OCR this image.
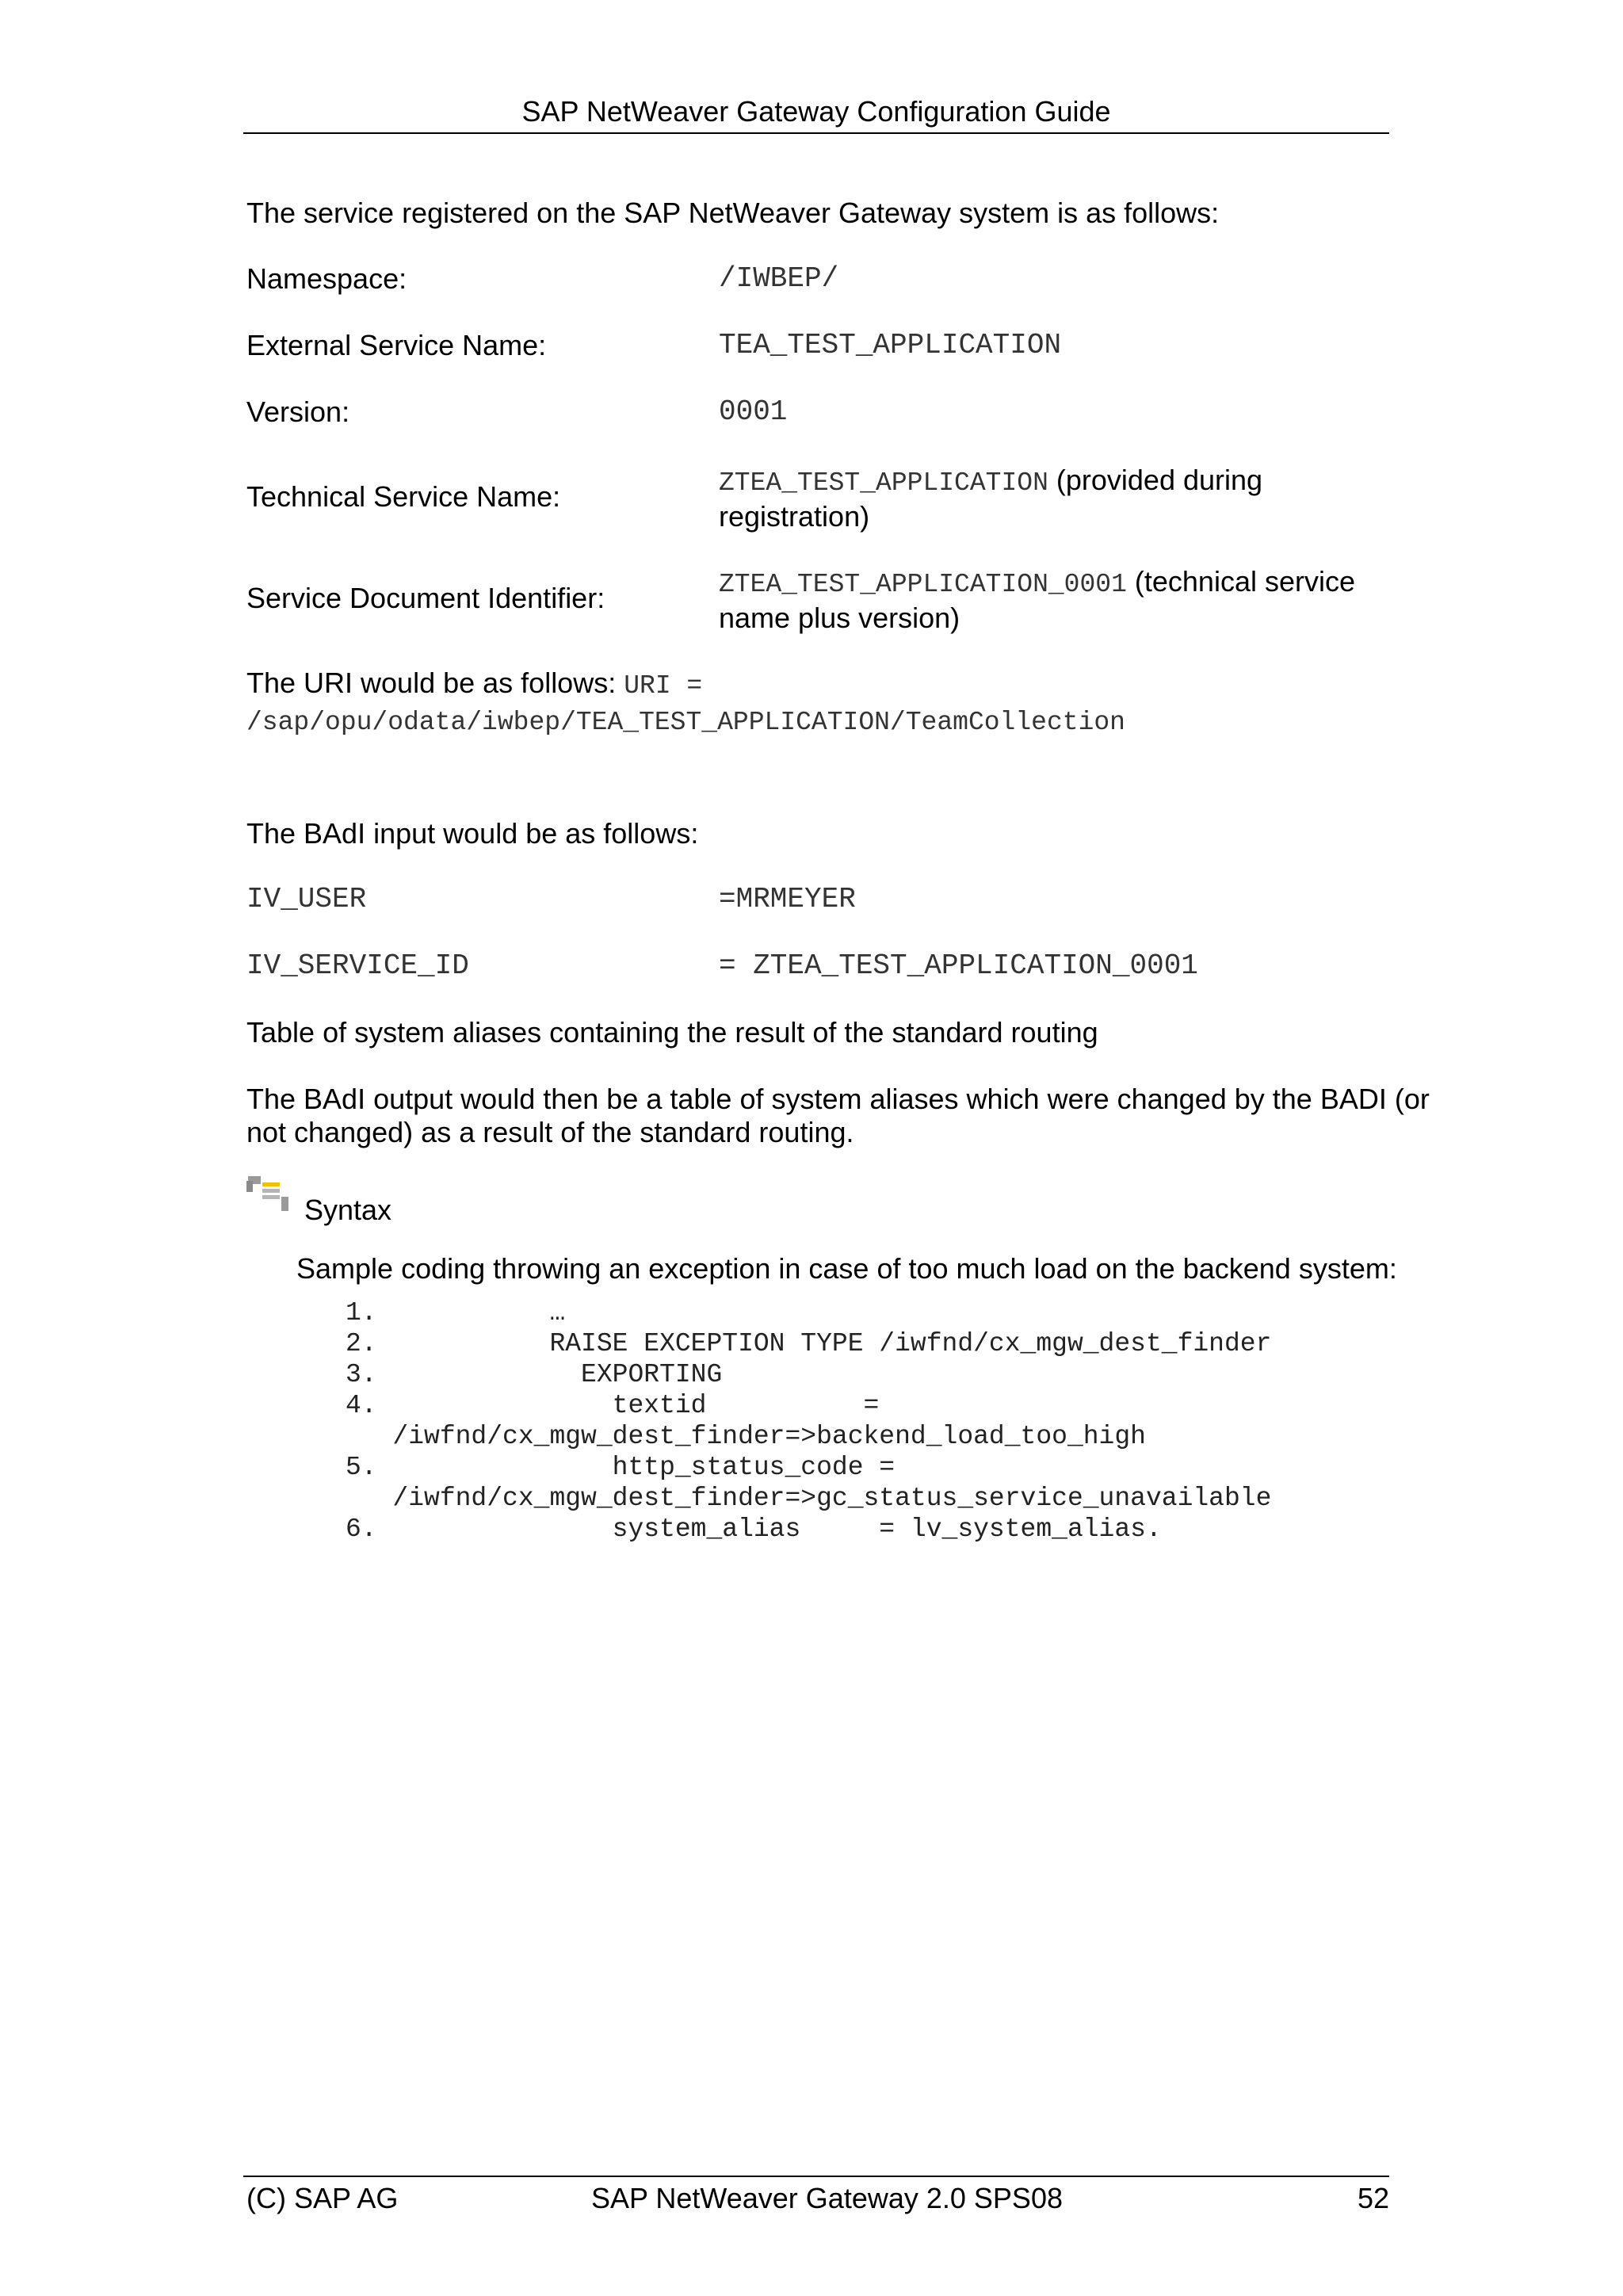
SAP NetWeaver Gateway Configuration Guide
The service registered on the SAP NetWeaver Gateway system is as follows:
Namespace:	/IWBEP/
External Service Name:	TEA_TEST_APPLICATION
Version:	0001
Technical Service Name:	ZTEA_TEST_APPLICATION (provided during
registration)
Service Document Identifier:	ZTEA_TEST_APPLICATION_0001 (technical service
name plus version)
The URI would be as follows: URI =
/sap/opu/odata/iwbep/TEA_TEST_APPLICATION/TeamCollection
The BAdI input would be as follows:
IV_USER	=MRMEYER
IV_SERVICE_ID	= ZTEA_TEST_APPLICATION_0001
Table of system aliases containing the result of the standard routing
The BAdI output would then be a table of system aliases which were changed by the BADI (or
not changed) as a result of the standard routing.
Syntax
Sample coding throwing an exception in case of too much load on the backend system:
1.           …
2.           RAISE EXCEPTION TYPE /iwfnd/cx_mgw_dest_finder
3.             EXPORTING
4.               textid          =
/iwfnd/cx_mgw_dest_finder=>backend_load_too_high
5.               http_status_code =
/iwfnd/cx_mgw_dest_finder=>gc_status_service_unavailable
6.               system_alias     = lv_system_alias.
(C) SAP AG	SAP NetWeaver Gateway 2.0 SPS08	52
